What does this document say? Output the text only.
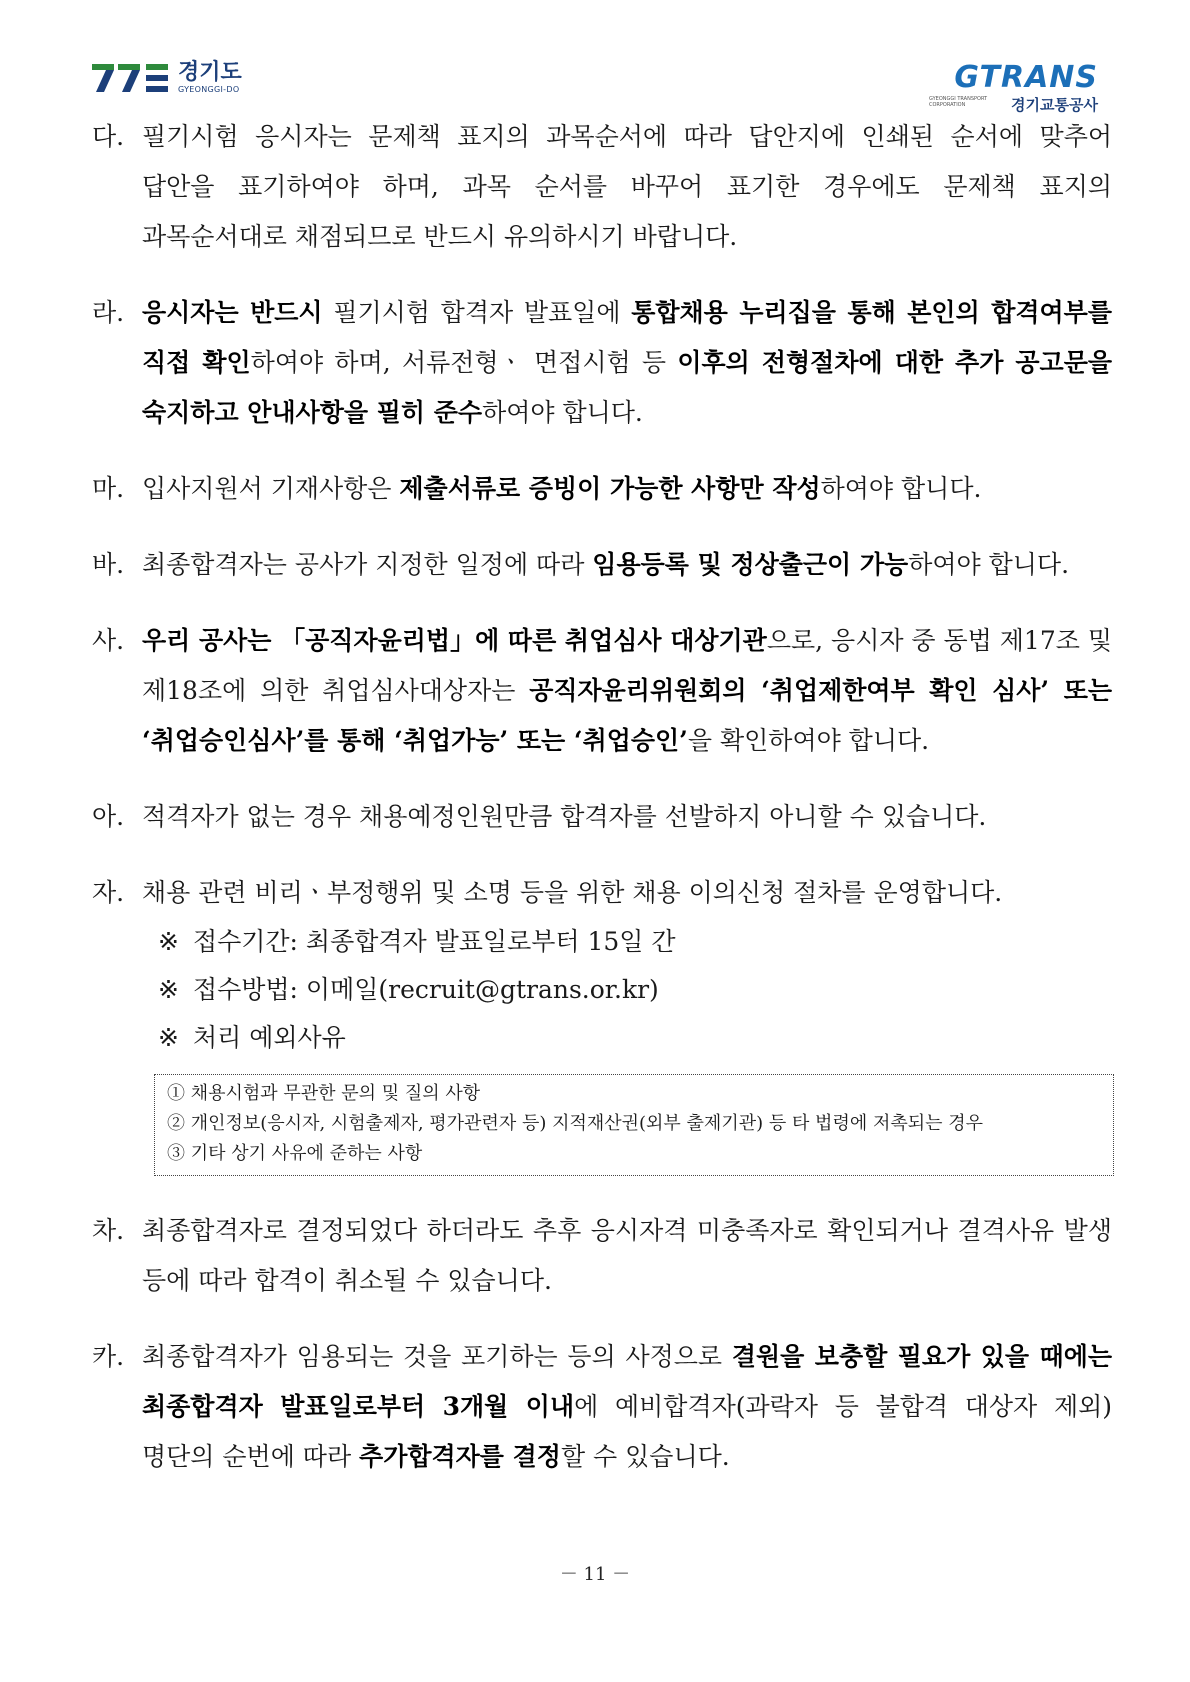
경기도
GYEONGGI-DO	GTRANS
GYEONGGI TRANSPORT CORPORATION	경기교통공사
다. 필기시험 응시자는 문제책 표지의 과목순서에 따라 답안지에 인쇄된 순서에 맞추어 답안을 표기하여야 하며, 과목 순서를 바꾸어 표기한 경우에도 문제책 표지의 과목순서대로 채점되므로 반드시 유의하시기 바랍니다.
라. 응시자는 반드시 필기시험 합격자 발표일에 통합채용 누리집을 통해 본인의 합격여부를 직접 확인하여야 하며, 서류전형ㆍ 면접시험 등 이후의 전형절차에 대한 추가 공고문을 숙지하고 안내사항을 필히 준수하여야 합니다.
마. 입사지원서 기재사항은 제출서류로 증빙이 가능한 사항만 작성하여야 합니다.
바. 최종합격자는 공사가 지정한 일정에 따라 임용등록 및 정상출근이 가능하여야 합니다.
사. 우리 공사는 「공직자윤리법」에 따른 취업심사 대상기관으로, 응시자 중 동법 제17조 및 제18조에 의한 취업심사대상자는 공직자윤리위원회의 ‘취업제한여부 확인 심사’ 또는 ‘취업승인심사’를 통해 ‘취업가능’ 또는 ‘취업승인’을 확인하여야 합니다.
아. 적격자가 없는 경우 채용예정인원만큼 합격자를 선발하지 아니할 수 있습니다.
자. 채용 관련 비리ㆍ부정행위 및 소명 등을 위한 채용 이의신청 절차를 운영합니다.
※ 접수기간: 최종합격자 발표일로부터 15일 간
※ 접수방법: 이메일(recruit@gtrans.or.kr)
※ 처리 예외사유
① 채용시험과 무관한 문의 및 질의 사항
② 개인정보(응시자, 시험출제자, 평가관련자 등) 지적재산권(외부 출제기관) 등 타 법령에 저촉되는 경우
③ 기타 상기 사유에 준하는 사항
차. 최종합격자로 결정되었다 하더라도 추후 응시자격 미충족자로 확인되거나 결격사유 발생 등에 따라 합격이 취소될 수 있습니다.
카. 최종합격자가 임용되는 것을 포기하는 등의 사정으로 결원을 보충할 필요가 있을 때에는 최종합격자 발표일로부터 3개월 이내에 예비합격자(과락자 등 불합격 대상자 제외) 명단의 순번에 따라 추가합격자를 결정할 수 있습니다.
－ 11 －
